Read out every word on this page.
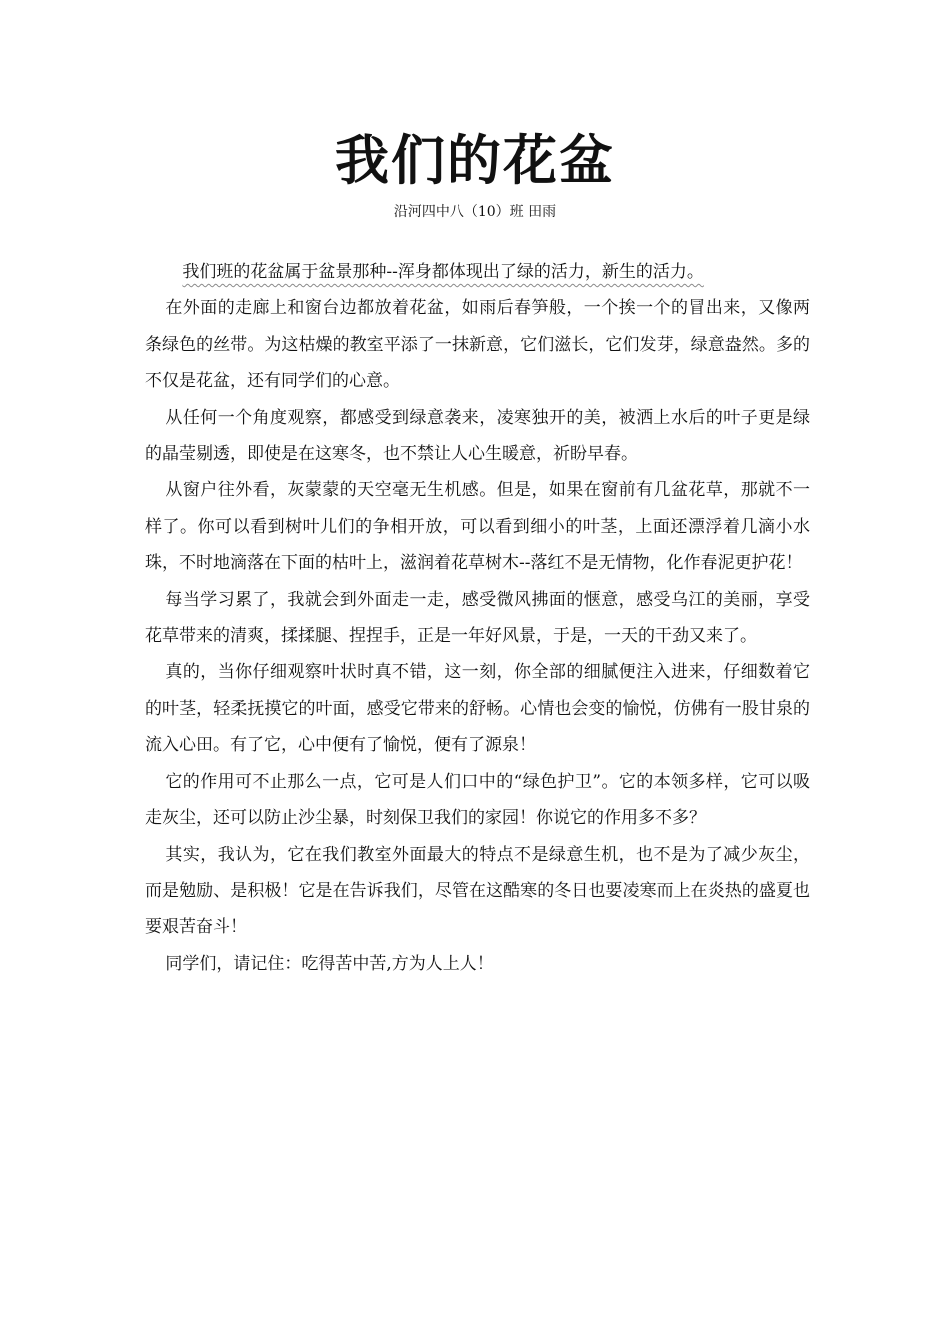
我们的花盆
沿河四中八（10）班 田雨

我们班的花盆属于盆景那种--浑身都体现出了绿的活力，新生的活力。

在外面的走廊上和窗台边都放着花盆，如雨后春笋般，一个挨一个的冒出来，又像两条绿色的丝带。为这枯燥的教室平添了一抹新意，它们滋长，它们发芽，绿意盎然。多的不仅是花盆，还有同学们的心意。

从任何一个角度观察，都感受到绿意袭来，凌寒独开的美，被洒上水后的叶子更是绿的晶莹剔透，即使是在这寒冬，也不禁让人心生暖意，祈盼早春。

从窗户往外看，灰蒙蒙的天空毫无生机感。但是，如果在窗前有几盆花草，那就不一样了。你可以看到树叶儿们的争相开放，可以看到细小的叶茎，上面还漂浮着几滴小水珠，不时地滴落在下面的枯叶上，滋润着花草树木--落红不是无情物，化作春泥更护花！

每当学习累了，我就会到外面走一走，感受微风拂面的惬意，感受乌江的美丽，享受花草带来的清爽，揉揉腿、捏捏手，正是一年好风景，于是，一天的干劲又来了。

真的，当你仔细观察叶状时真不错，这一刻，你全部的细腻便注入进来，仔细数着它的叶茎，轻柔抚摸它的叶面，感受它带来的舒畅。心情也会变的愉悦，仿佛有一股甘泉的流入心田。有了它，心中便有了愉悦，便有了源泉！

它的作用可不止那么一点，它可是人们口中的“绿色护卫”。它的本领多样，它可以吸走灰尘，还可以防止沙尘暴，时刻保卫我们的家园！你说它的作用多不多？

其实，我认为，它在我们教室外面最大的特点不是绿意生机，也不是为了减少灰尘，而是勉励、是积极！它是在告诉我们，尽管在这酷寒的冬日也要凌寒而上在炎热的盛夏也要艰苦奋斗！

同学们，请记住：吃得苦中苦,方为人上人！
